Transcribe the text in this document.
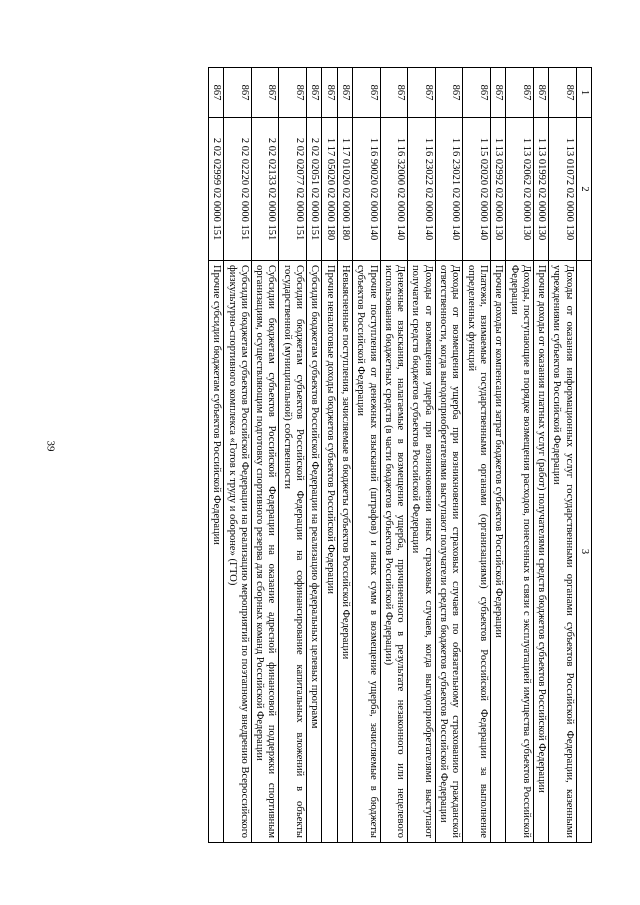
39
1	2	3
867	1 13 01072 02 0000 130	Доходы от оказания информационных услуг государственными органами субъектов Российской Федерации, казенными учреждениями субъектов Российской Федерации
867	1 13 01992 02 0000 130	Прочие доходы от оказания платных услуг (работ) получателями средств бюджетов субъектов Российской Федерации
867	1 13 02062 02 0000 130	Доходы, поступающие в порядке возмещения расходов, понесенных в связи с эксплуатацией имущества субъектов Российской Федерации
867	1 13 02992 02 0000 130	Прочие доходы от компенсации затрат бюджетов субъектов Российской Федерации
867	1 15 02020 02 0000 140	Платежи, взимаемые государственными органами (организациями) субъектов Российской Федерации за выполнение определенных функций
867	1 16 23021 02 0000 140	Доходы от возмещения ущерба при возникновении страховых случаев по обязательному страхованию гражданской ответственности, когда выгодоприобретателями выступают получатели средств бюджетов субъектов Российской Федерации
867	1 16 23022 02 0000 140	Доходы от возмещения ущерба при возникновении иных страховых случаев, когда выгодоприобретателями выступают получатели средств бюджетов субъектов Российской Федерации
867	1 16 32000 02 0000 140	Денежные взыскания, налагаемые в возмещение ущерба, причиненного в результате незаконного или нецелевого использования бюджетных средств (в части бюджетов субъектов Российской Федерации)
867	1 16 90020 02 0000 140	Прочие поступления от денежных взысканий (штрафов) и иных сумм в возмещение ущерба, зачисляемые в бюджеты субъектов Российской Федерации
867	1 17 01020 02 0000 180	Невыясненные поступления, зачисляемые в бюджеты субъектов Российской Федерации
867	1 17 05020 02 0000 180	Прочие неналоговые доходы бюджетов субъектов Российской Федерации
867	2 02 02051 02 0000 151	Субсидии бюджетам субъектов Российской Федерации на реализацию федеральных целевых программ
867	2 02 02077 02 0000 151	Субсидии бюджетам субъектов Российской Федерации на софинансирование капитальных вложений в объекты государственной (муниципальной) собственности
867	2 02 02133 02 0000 151	Субсидии бюджетам субъектов Российской Федерации на оказание адресной финансовой поддержки спортивным организациям, осуществляющим подготовку спортивного резерва для сборных команд Российской Федерации
867	2 02 02220 02 0000 151	Субсидии бюджетам субъектов Российской Федерации на реализацию мероприятий по поэтапному внедрению Всероссийского физкультурно-спортивного комплекса «Готов к труду и обороне» (ГТО)
867	2 02 02999 02 0000 151	Прочие субсидии бюджетам субъектов Российской Федерации
